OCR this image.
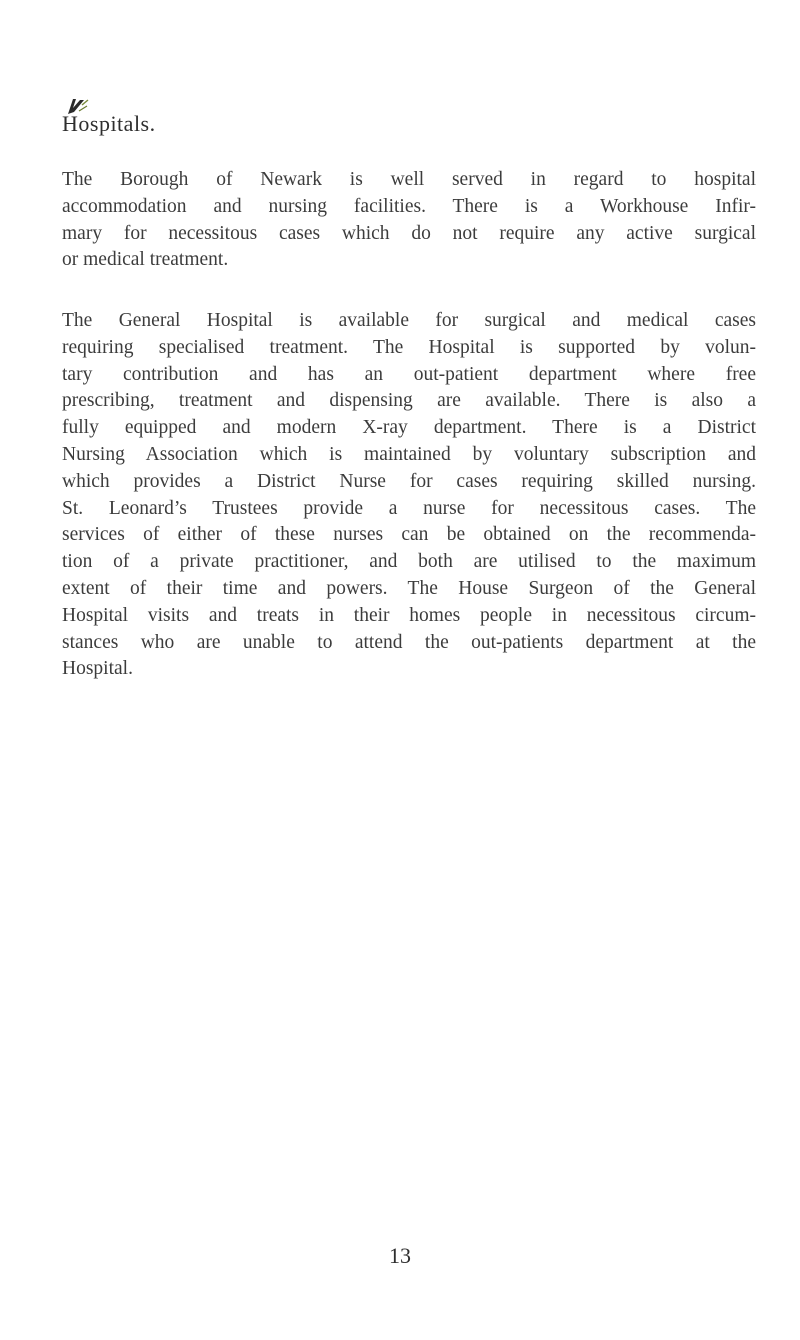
Hospitals.

The Borough of Newark is well served in regard to hospital
accommodation and nursing facilities. There is a Workhouse Infir-
mary for necessitous cases which do not require any active surgical
or medical treatment.

The General Hospital is available for surgical and medical cases
requiring specialised treatment. The Hospital is supported by volun-
tary contribution and has an out-patient department where free
prescribing, treatment and dispensing are available. There is also a
fully equipped and modern X-ray department. There is a District
Nursing Association which is maintained by voluntary subscription and
which provides a District Nurse for cases requiring skilled nursing.
St. Leonard’s Trustees provide a nurse for necessitous cases. The
services of either of these nurses can be obtained on the recommenda-
tion of a private practitioner, and both are utilised to the maximum
extent of their time and powers. The House Surgeon of the General
Hospital visits and treats in their homes people in necessitous circum-
stances who are unable to attend the out-patients department at the
Hospital.

13
